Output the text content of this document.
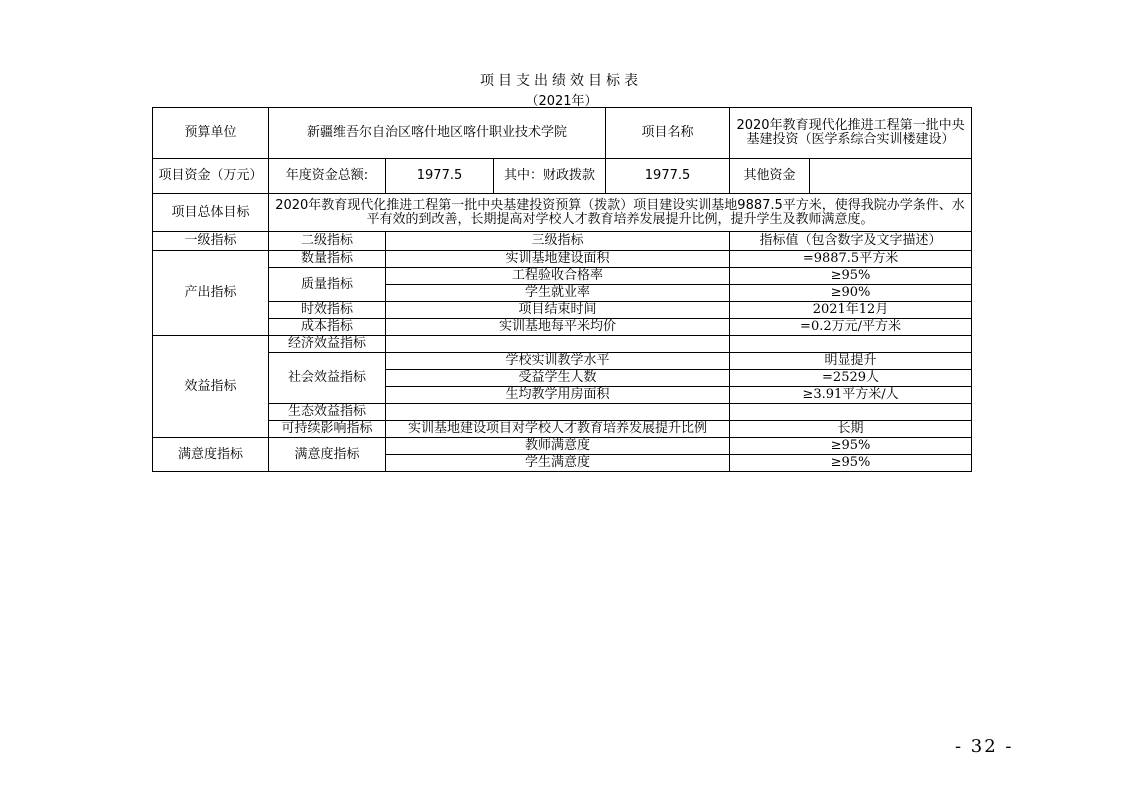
项目支出绩效目标表
（2021年）
预算单位	新疆维吾尔自治区喀什地区喀什职业技术学院			项目名称	2020年教育现代化推进工程第一批中央基建投资（医学系综合实训楼建设）	
项目资金（万元）	年度资金总额:	1977.5	其中：财政拨款	1977.5	其他资金	
项目总体目标	2020年教育现代化推进工程第一批中央基建投资预算（拨款）项目建设实训基地9887.5平方米，使得我院办学条件、水平有效的到改善，长期提高对学校人才教育培养发展提升比例，提升学生及教师满意度。					
一级指标	二级指标	三级指标			指标值（包含数字及文字描述）	
产出指标	数量指标	实训基地建设面积			=9887.5平方米	
	质量指标	工程验收合格率			≥95%	
		学生就业率			≥90%	
	时效指标	项目结束时间			2021年12月	
	成本指标	实训基地每平米均价			=0.2万元/平方米	
效益指标	经济效益指标					
	社会效益指标	学校实训教学水平			明显提升	
		受益学生人数			=2529人	
		生均教学用房面积			≥3.91平方米/人	
	生态效益指标					
	可持续影响指标	实训基地建设项目对学校人才教育培养发展提升比例			长期	
满意度指标	满意度指标	教师满意度			≥95%	
		学生满意度			≥95%	
- 32 -
